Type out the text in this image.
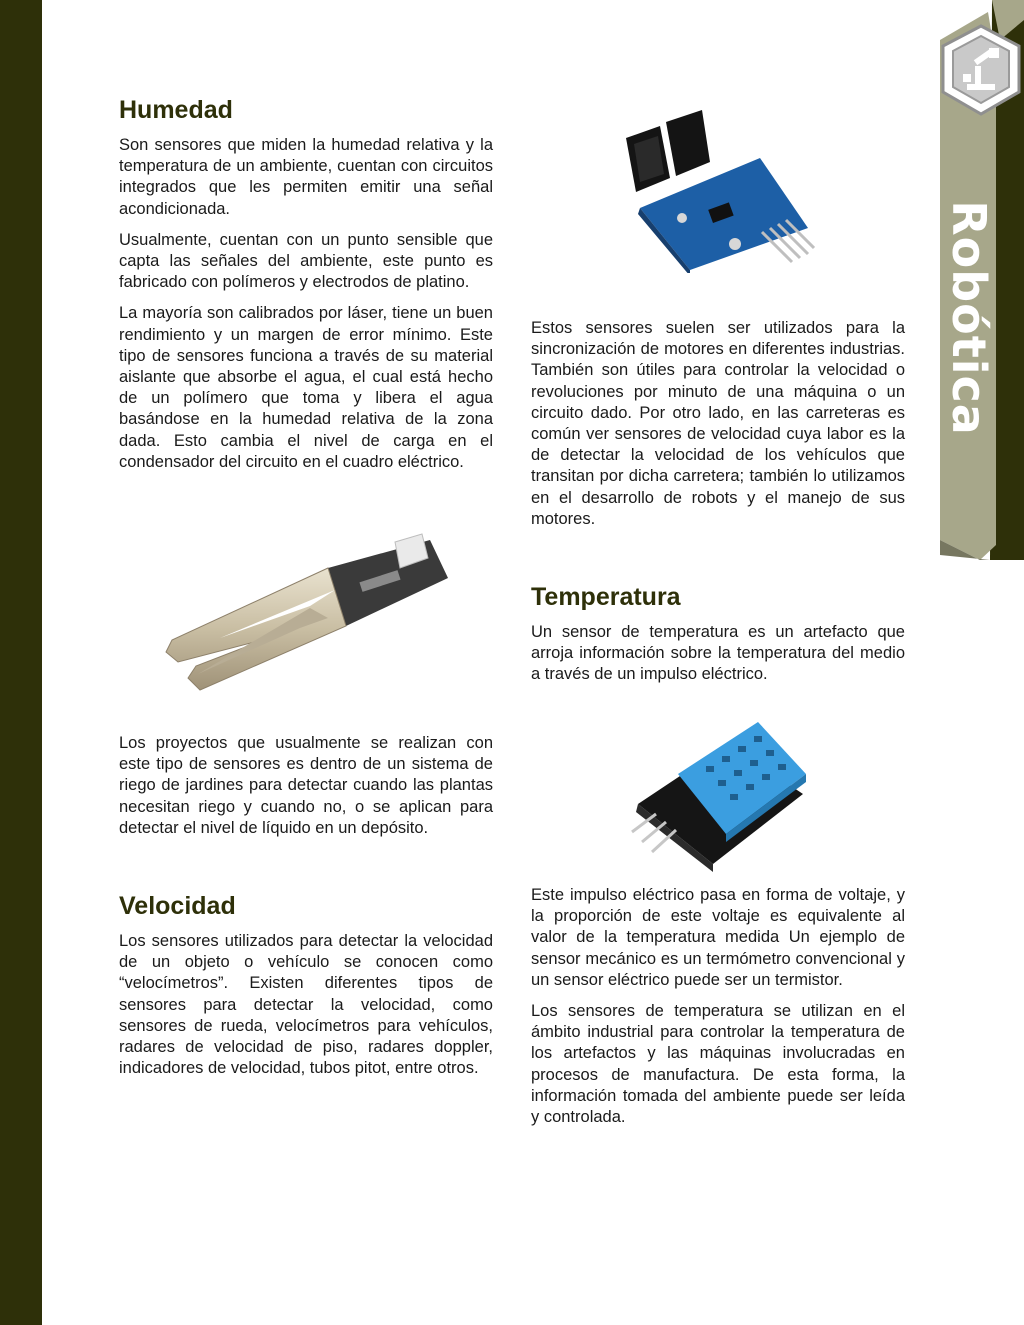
Robótica
Humedad

Son sensores que miden la humedad relativa y la temperatura de un ambiente, cuentan con circuitos integrados que les permiten emitir una señal acondicionada.

Usualmente, cuentan con un punto sensible que capta las señales del ambiente, este punto es fabricado con polímeros y electrodos de platino.

La mayoría son calibrados por láser, tiene un buen rendimiento y un margen de error mínimo. Este tipo de sensores funciona a través de su material aislante que absorbe el agua, el cual está hecho de un polímero que toma y libera el agua basándose en la humedad relativa de la zona dada. Esto cambia el nivel de carga en el condensador del circuito en el cuadro eléctrico.

Los proyectos que usualmente se realizan con este tipo de sensores es dentro de un sistema de riego de jardines para detectar cuando las plantas necesitan riego y cuando no, o se aplican para detectar el nivel de líquido en un depósito.

Velocidad

Los sensores utilizados para detectar la velocidad de un objeto o vehículo se conocen como “velocímetros”. Existen diferentes tipos de sensores para detectar la velocidad, como sensores de rueda, velocímetros para vehículos, radares de velocidad de piso, radares doppler, indicadores de velocidad, tubos pitot, entre otros.

Estos sensores suelen ser utilizados para la sincronización de motores en diferentes industrias. También son útiles para controlar la velocidad o revoluciones por minuto de una máquina o un circuito dado. Por otro lado, en las carreteras es común ver sensores de velocidad cuya labor es la de detectar la velocidad de los vehículos que transitan por dicha carretera; también lo utilizamos en el desarrollo de robots y el manejo de sus motores.

Temperatura

Un sensor de temperatura es un artefacto que arroja información sobre la temperatura del medio a través de un impulso eléctrico.

Este impulso eléctrico pasa en forma de voltaje, y la proporción de este voltaje es equivalente al valor de la temperatura medida Un ejemplo de sensor mecánico es un termómetro convencional y un sensor eléctrico puede ser un termistor.

Los sensores de temperatura se utilizan en el ámbito industrial para controlar la temperatura de los artefactos y las máquinas involucradas en procesos de manufactura. De esta forma, la información tomada del ambiente puede ser leída y controlada.
